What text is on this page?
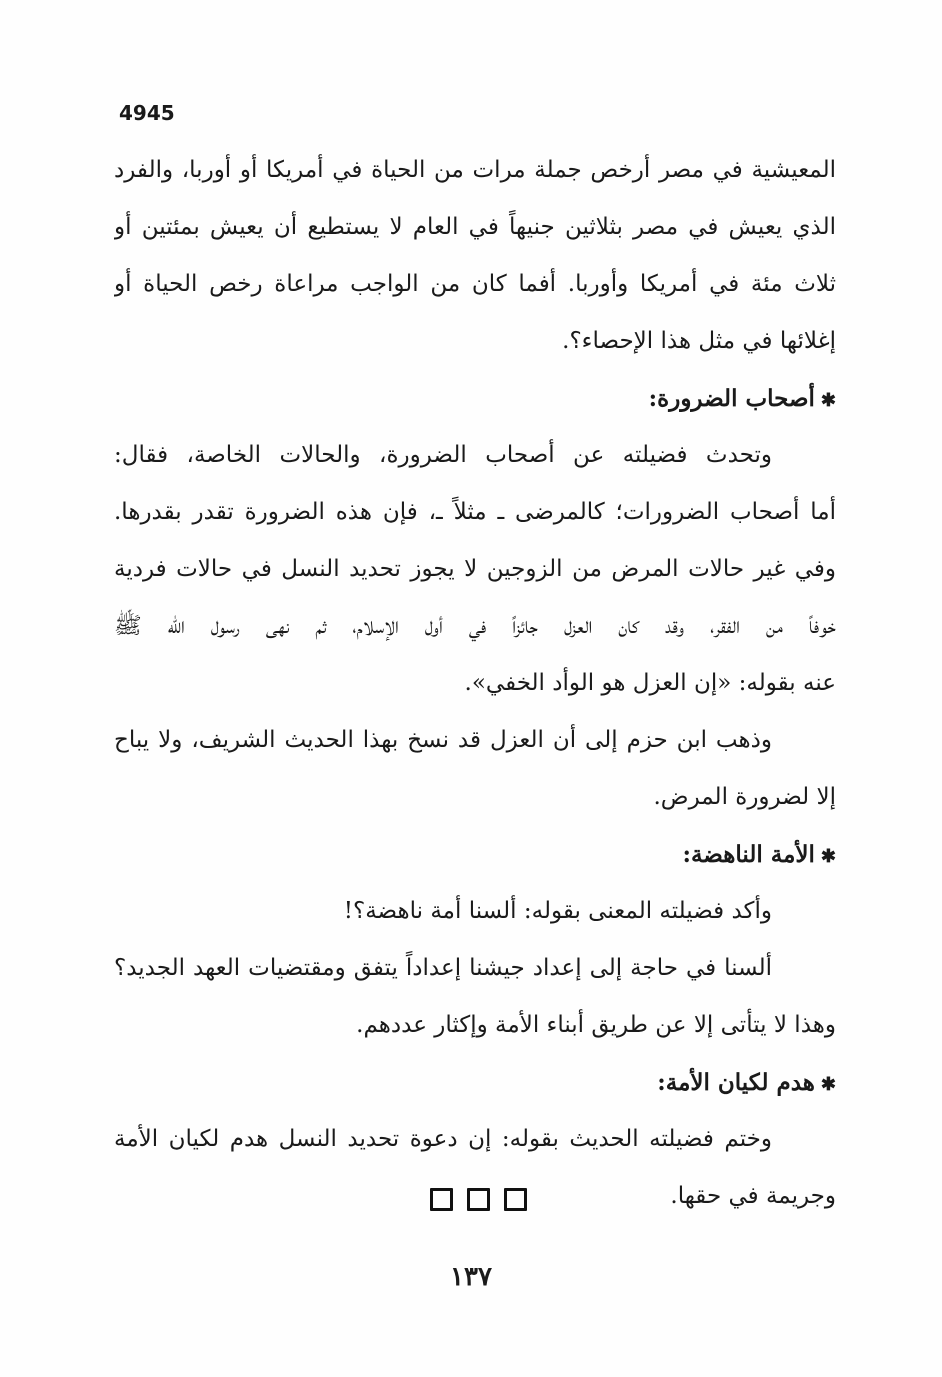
4945
المعيشية في مصر أرخص جملة مرات من الحياة في أمريكا أو أوربا، والفرد
الذي يعيش في مصر بثلاثين جنيهاً في العام لا يستطيع أن يعيش بمئتين أو
ثلاث مئة في أمريكا وأوربا. أفما كان من الواجب مراعاة رخص الحياة أو
إغلائها في مثل هذا الإحصاء؟.
✱أصحاب الضرورة:
وتحدث فضيلته عن أصحاب الضرورة، والحالات الخاصة، فقال:
أما أصحاب الضرورات؛ كالمرضى ـ مثلاً ـ، فإن هذه الضرورة تقدر بقدرها.
وفي غير حالات المرض من الزوجين لا يجوز تحديد النسل في حالات فردية
خوفاً من الفقر، وقد كان العزل جائزاً في أول الإسلام، ثم نهى رسول الله ﷺ
عنه بقوله: «إن العزل هو الوأد الخفي».
وذهب ابن حزم إلى أن العزل قد نسخ بهذا الحديث الشريف، ولا يباح
إلا لضرورة المرض.
✱الأمة الناهضة:
وأكد فضيلته المعنى بقوله: ألسنا أمة ناهضة؟!
ألسنا في حاجة إلى إعداد جيشنا إعداداً يتفق ومقتضيات العهد الجديد؟
وهذا لا يتأتى إلا عن طريق أبناء الأمة وإكثار عددهم.
✱هدم لكيان الأمة:
وختم فضيلته الحديث بقوله: إن دعوة تحديد النسل هدم لكيان الأمة
وجريمة في حقها.
١٣٧
